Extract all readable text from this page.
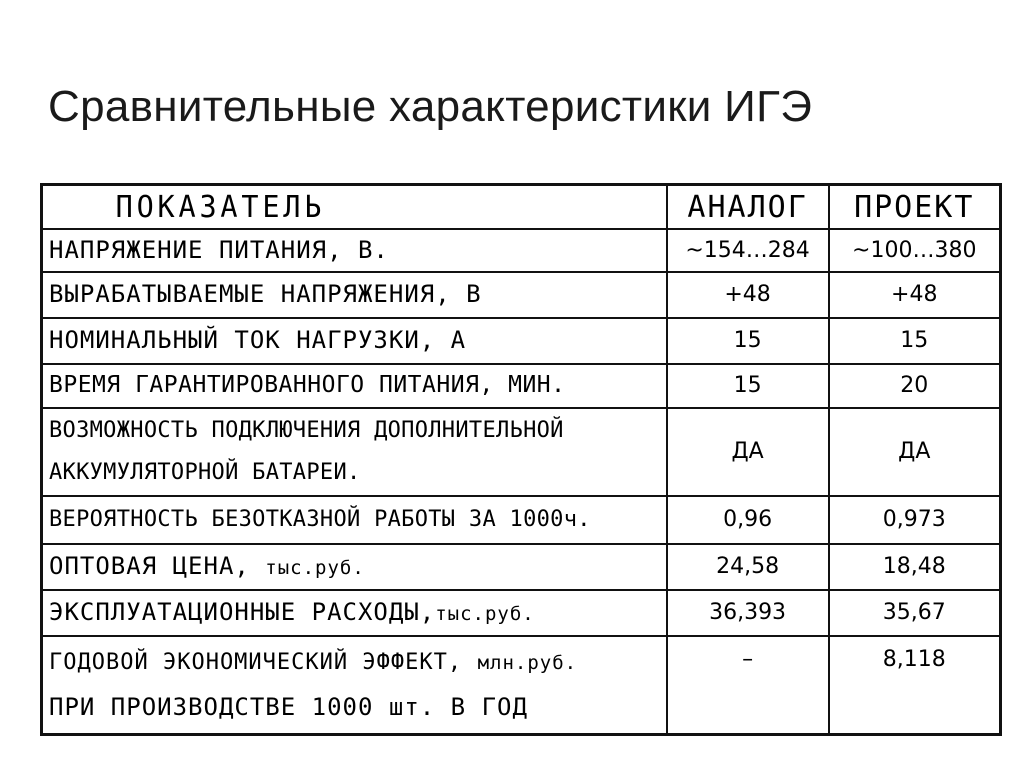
Сравнительные характеристики ИГЭ
ПОКАЗАТЕЛЬ	АНАЛОГ	ПРОЕКТ
НАПРЯЖЕНИЕ ПИТАНИЯ, В.	~154…284	~100…380
ВЫРАБАТЫВАЕМЫЕ НАПРЯЖЕНИЯ, В	+48	+48
НОМИНАЛЬНЫЙ ТОК НАГРУЗКИ, А	15	15
ВРЕМЯ ГАРАНТИРОВАННОГО ПИТАНИЯ, МИН.	15	20

ВОЗМОЖНОСТЬ ПОДКЛЮЧЕНИЯ ДОПОЛНИТЕЛЬНОЙ
АККУМУЛЯТОРНОЙ БАТАРЕИ.	ДА	ДА
ВЕРОЯТНОСТЬ БЕЗОТКАЗНОЙ РАБОТЫ ЗА 1000ч.	0,96	0,973
ОПТОВАЯ ЦЕНА, тыс.руб.	24,58	18,48
ЭКСПЛУАТАЦИОННЫЕ РАСХОДЫ,тыс.руб.	36,393	35,67

ГОДОВОЙ ЭКОНОМИЧЕСКИЙ ЭФФЕКТ, млн.руб.
ПРИ ПРОИЗВОДСТВЕ 1000 шт. В ГОД	–	8,118
